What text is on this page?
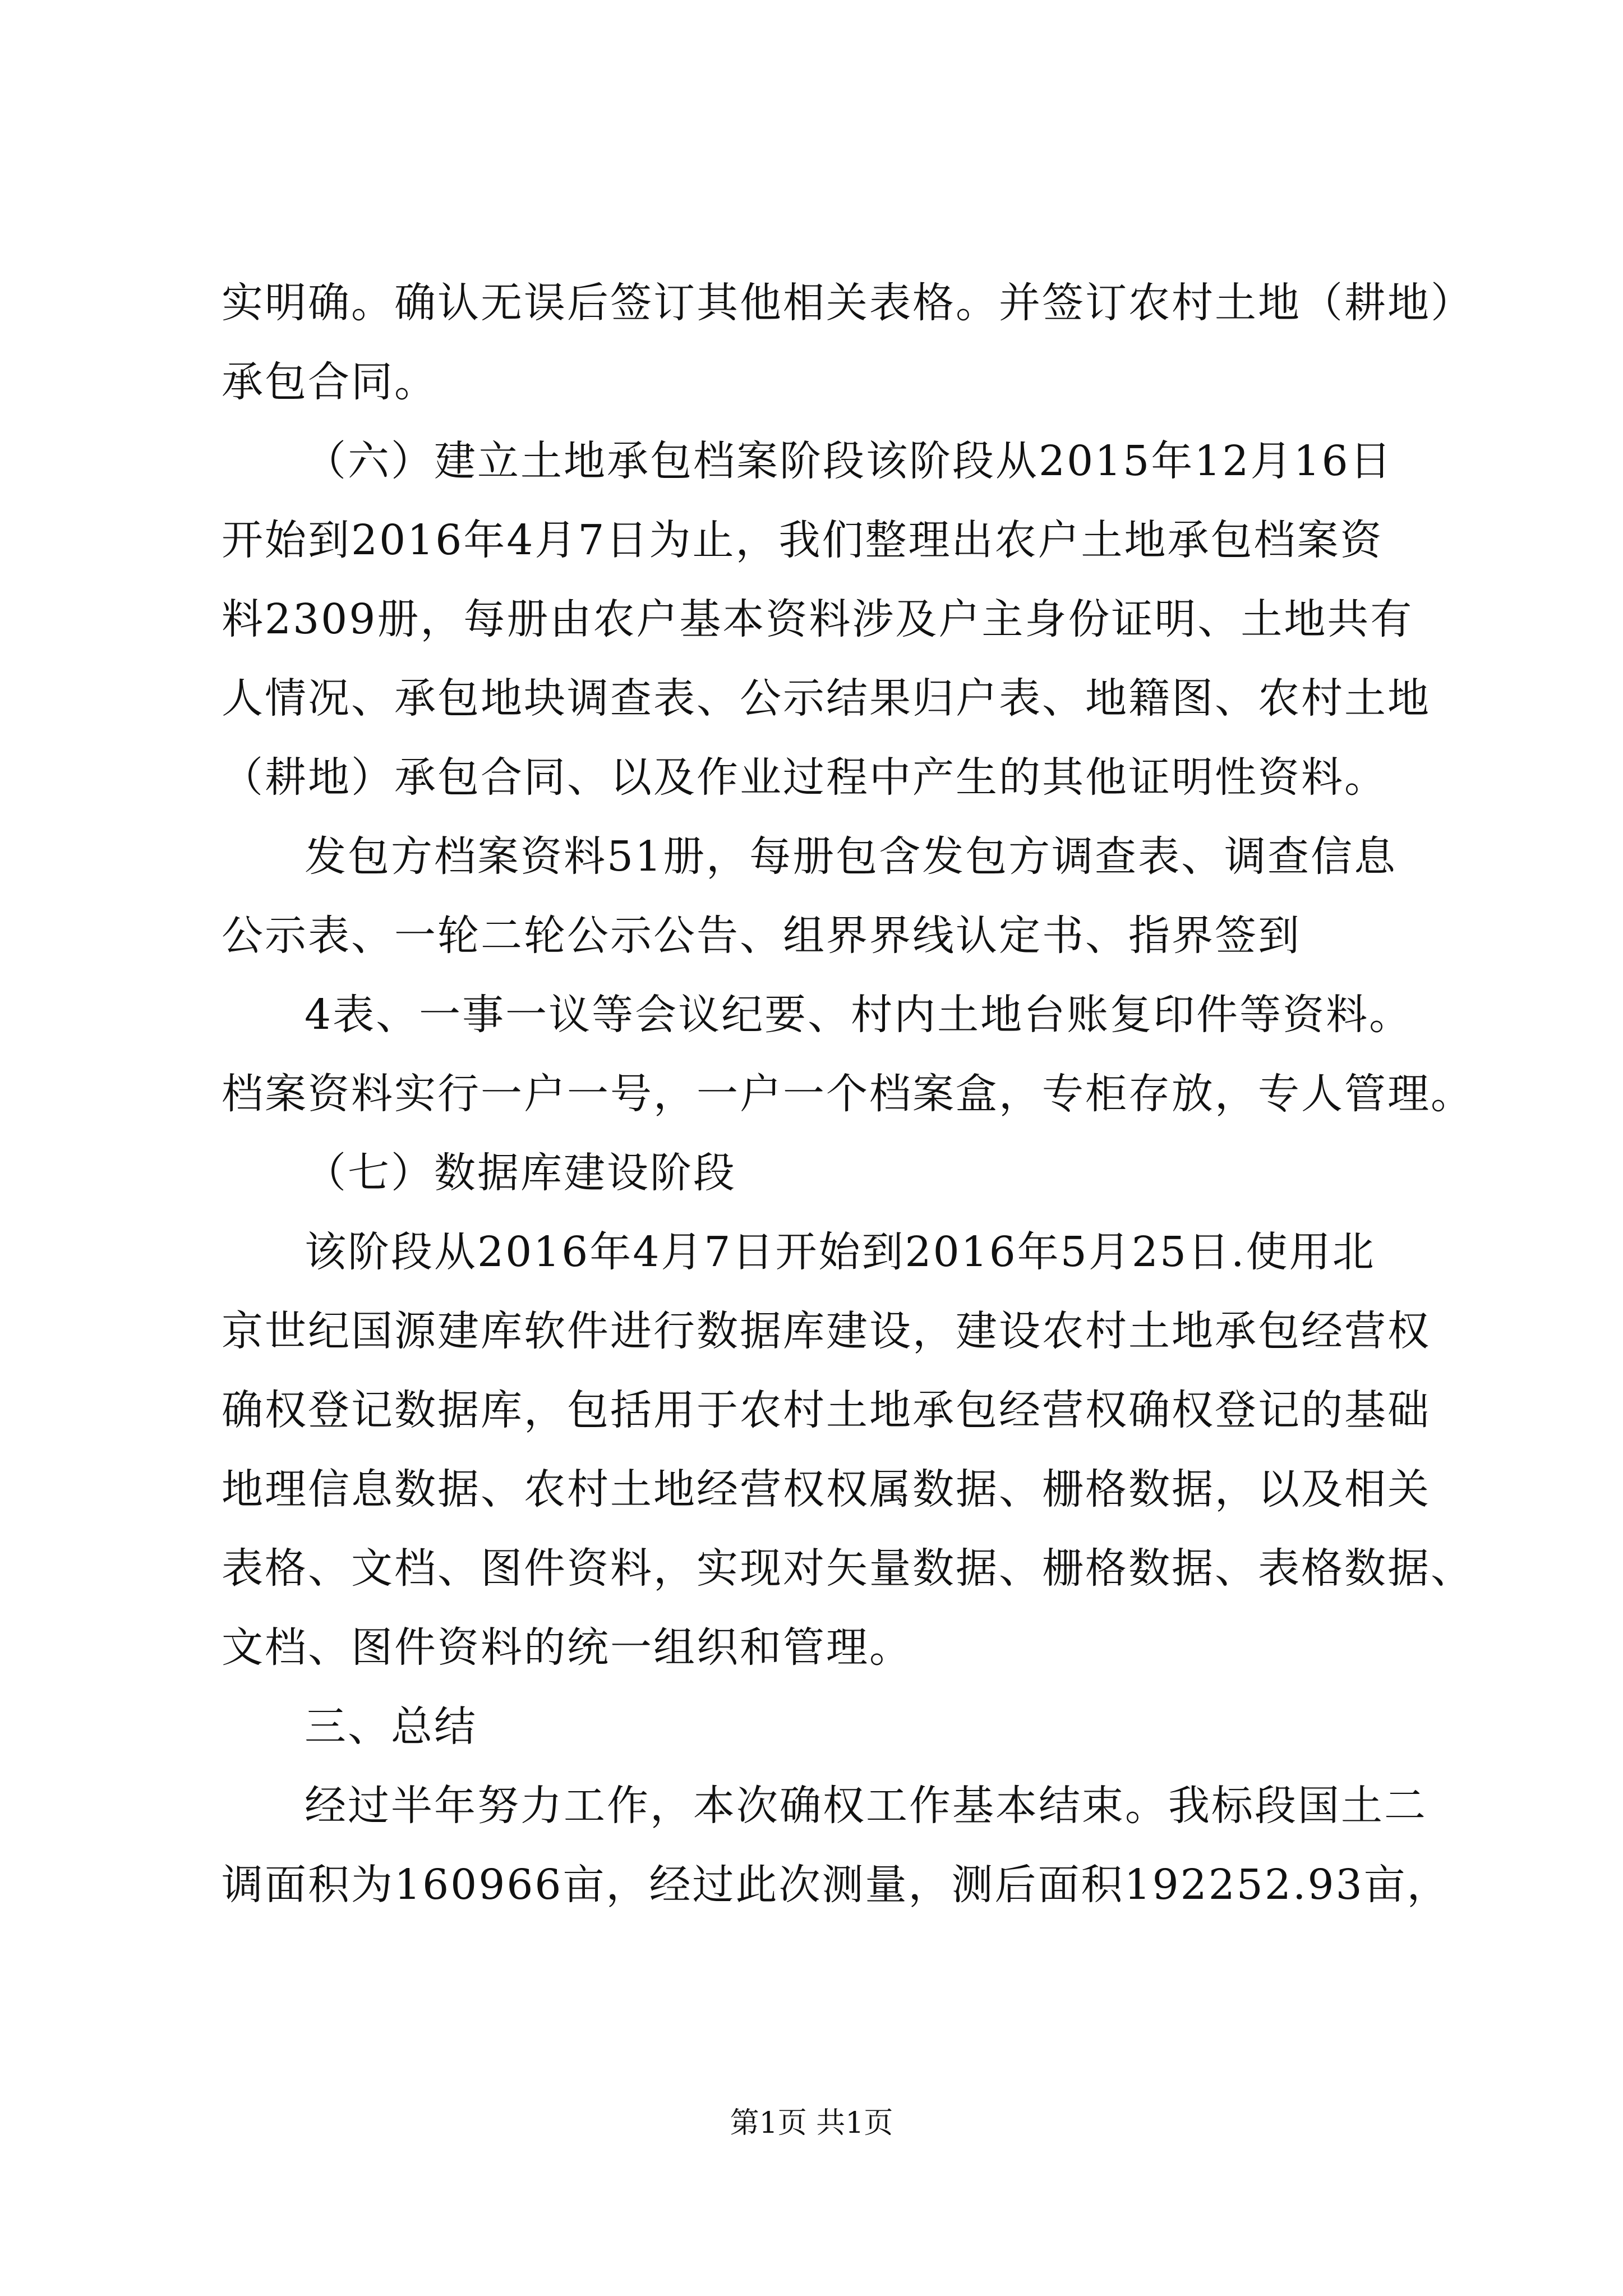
实明确。确认无误后签订其他相关表格。并签订农村土地（耕地）
承包合同。
（六）建立土地承包档案阶段该阶段从2015年12月16日
开始到2016年4月7日为止，我们整理出农户土地承包档案资
料2309册，每册由农户基本资料涉及户主身份证明、土地共有
人情况、承包地块调查表、公示结果归户表、地籍图、农村土地
（耕地）承包合同、以及作业过程中产生的其他证明性资料。
发包方档案资料51册，每册包含发包方调查表、调查信息
公示表、一轮二轮公示公告、组界界线认定书、指界签到
4表、一事一议等会议纪要、村内土地台账复印件等资料。
档案资料实行一户一号，一户一个档案盒，专柜存放，专人管理。
（七）数据库建设阶段
该阶段从2016年4月7日开始到2016年5月25日.使用北
京世纪国源建库软件进行数据库建设，建设农村土地承包经营权
确权登记数据库，包括用于农村土地承包经营权确权登记的基础
地理信息数据、农村土地经营权权属数据、栅格数据，以及相关
表格、文档、图件资料，实现对矢量数据、栅格数据、表格数据、
文档、图件资料的统一组织和管理。
三、总结
经过半年努力工作，本次确权工作基本结束。我标段国土二
调面积为160966亩，经过此次测量，测后面积192252.93亩，
第1页 共1页
